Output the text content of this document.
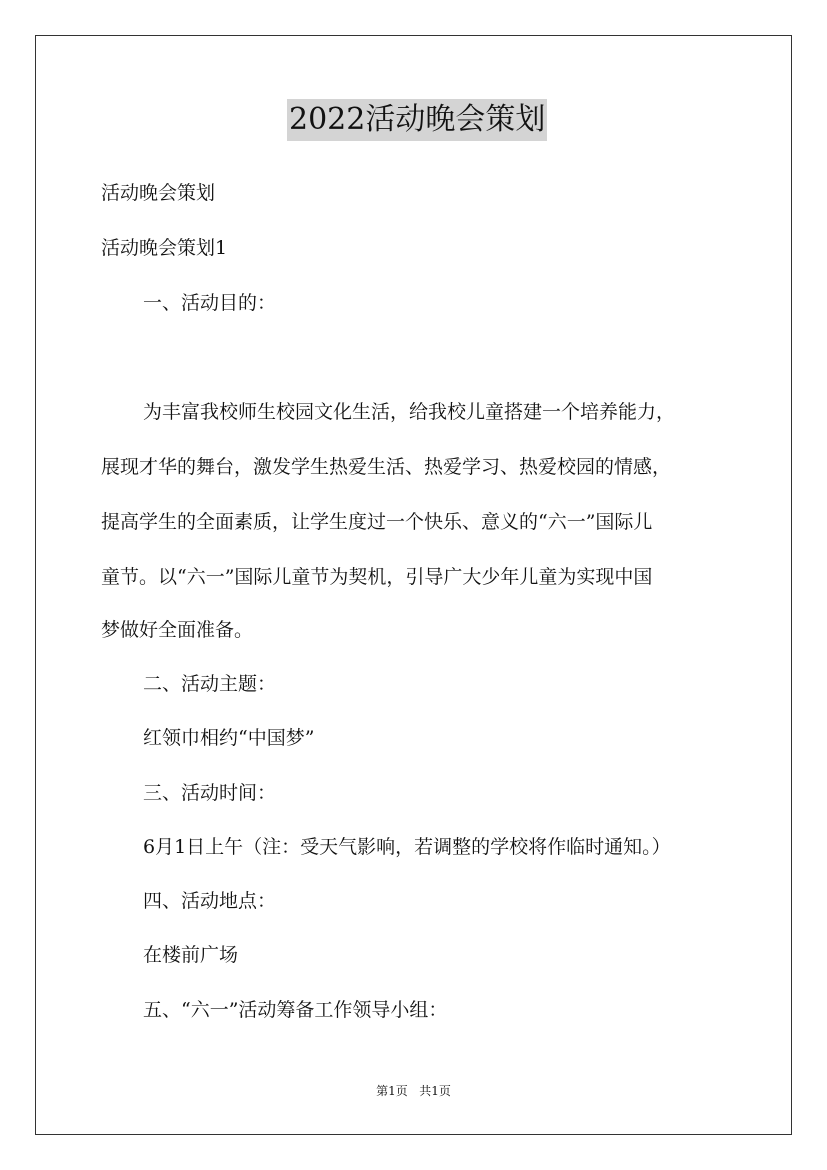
2022活动晚会策划
活动晚会策划
活动晚会策划1
一、活动目的：
为丰富我校师生校园文化生活，给我校儿童搭建一个培养能力，
展现才华的舞台，激发学生热爱生活、热爱学习、热爱校园的情感，
提高学生的全面素质，让学生度过一个快乐、意义的“六一”国际儿
童节。以“六一”国际儿童节为契机，引导广大少年儿童为实现中国
梦做好全面准备。
二、活动主题：
红领巾相约“中国梦”
三、活动时间：
6月1日上午（注：受天气影响，若调整的学校将作临时通知。）
四、活动地点：
在楼前广场
五、“六一”活动筹备工作领导小组：
第1页 共1页
